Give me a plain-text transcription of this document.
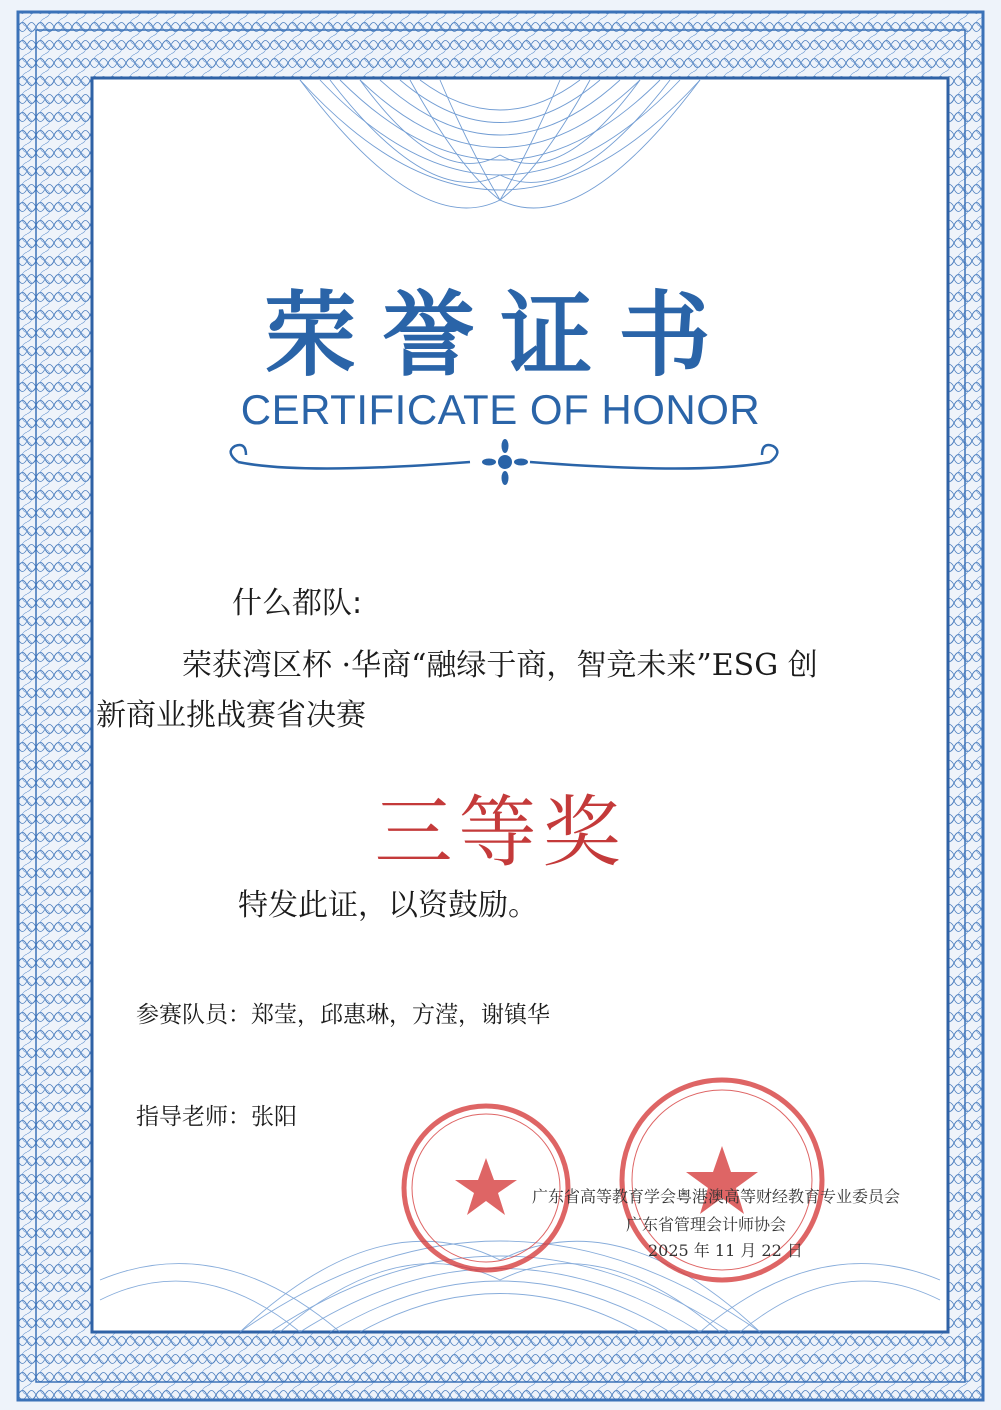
荣誉证书
CERTIFICATE OF HONOR
什么都队:
荣获湾区杯 ·华商“融绿于商，智竞未来”ESG 创
新商业挑战赛省决赛
三等奖
特发此证，以资鼓励。
参赛队员：郑莹，邱惠琳，方滢，谢镇华
指导老师：张阳
广东省高等教育学会粤港澳高等财经教育专业委员会
广东省管理会计师协会
2025 年 11 月 22 日
